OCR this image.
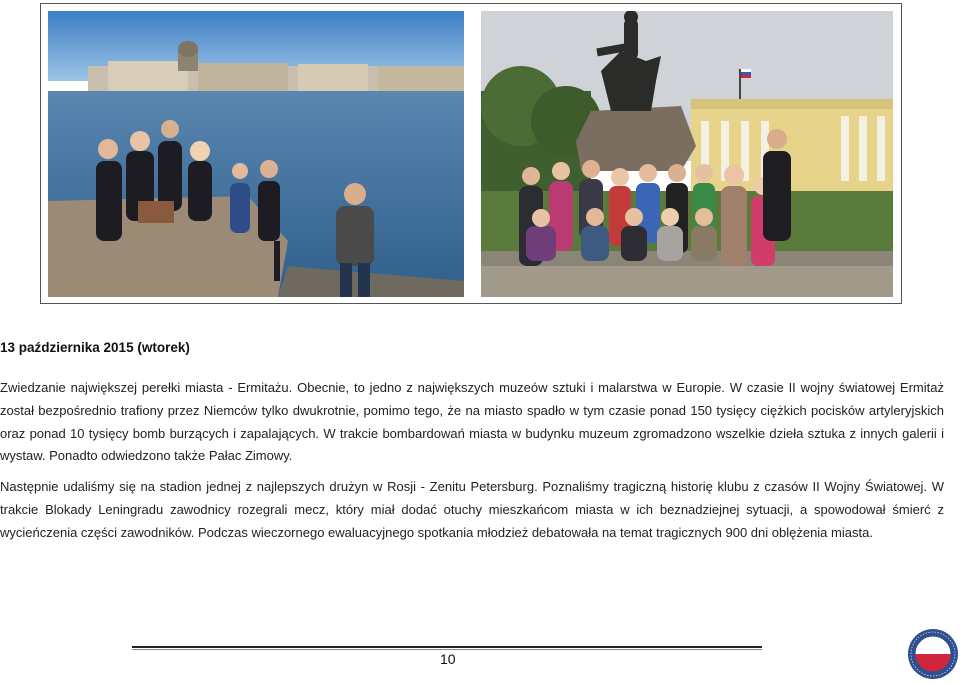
13 października 2015 (wtorek)
Zwiedzanie największej perełki miasta - Ermitażu. Obecnie, to jedno z największych muzeów sztuki i malarstwa w Europie. W czasie II wojny światowej Ermitaż został bezpośrednio trafiony przez Niemców tylko dwukrotnie, pomimo tego, że na miasto spadło w tym czasie ponad 150 tysięcy ciężkich pocisków artyleryjskich oraz ponad 10 tysięcy bomb burzących i zapalających. W trakcie bombardowań miasta w budynku muzeum zgromadzono wszelkie dzieła sztuka z innych galerii i wystaw. Ponadto odwiedzono także Pałac Zimowy.
Następnie udaliśmy się na stadion jednej z najlepszych drużyn w Rosji - Zenitu Petersburg. Poznaliśmy tragiczną historię klubu z czasów II Wojny Światowej. W trakcie Blokady Leningradu zawodnicy rozegrali mecz, który miał dodać otuchy mieszkańcom miasta w ich beznadziejnej sytuacji, a spowodował śmierć z wycieńczenia części zawodników. Podczas wieczornego ewaluacyjnego spotkania młodzież debatowała na temat tragicznych 900 dni oblężenia miasta.
10
